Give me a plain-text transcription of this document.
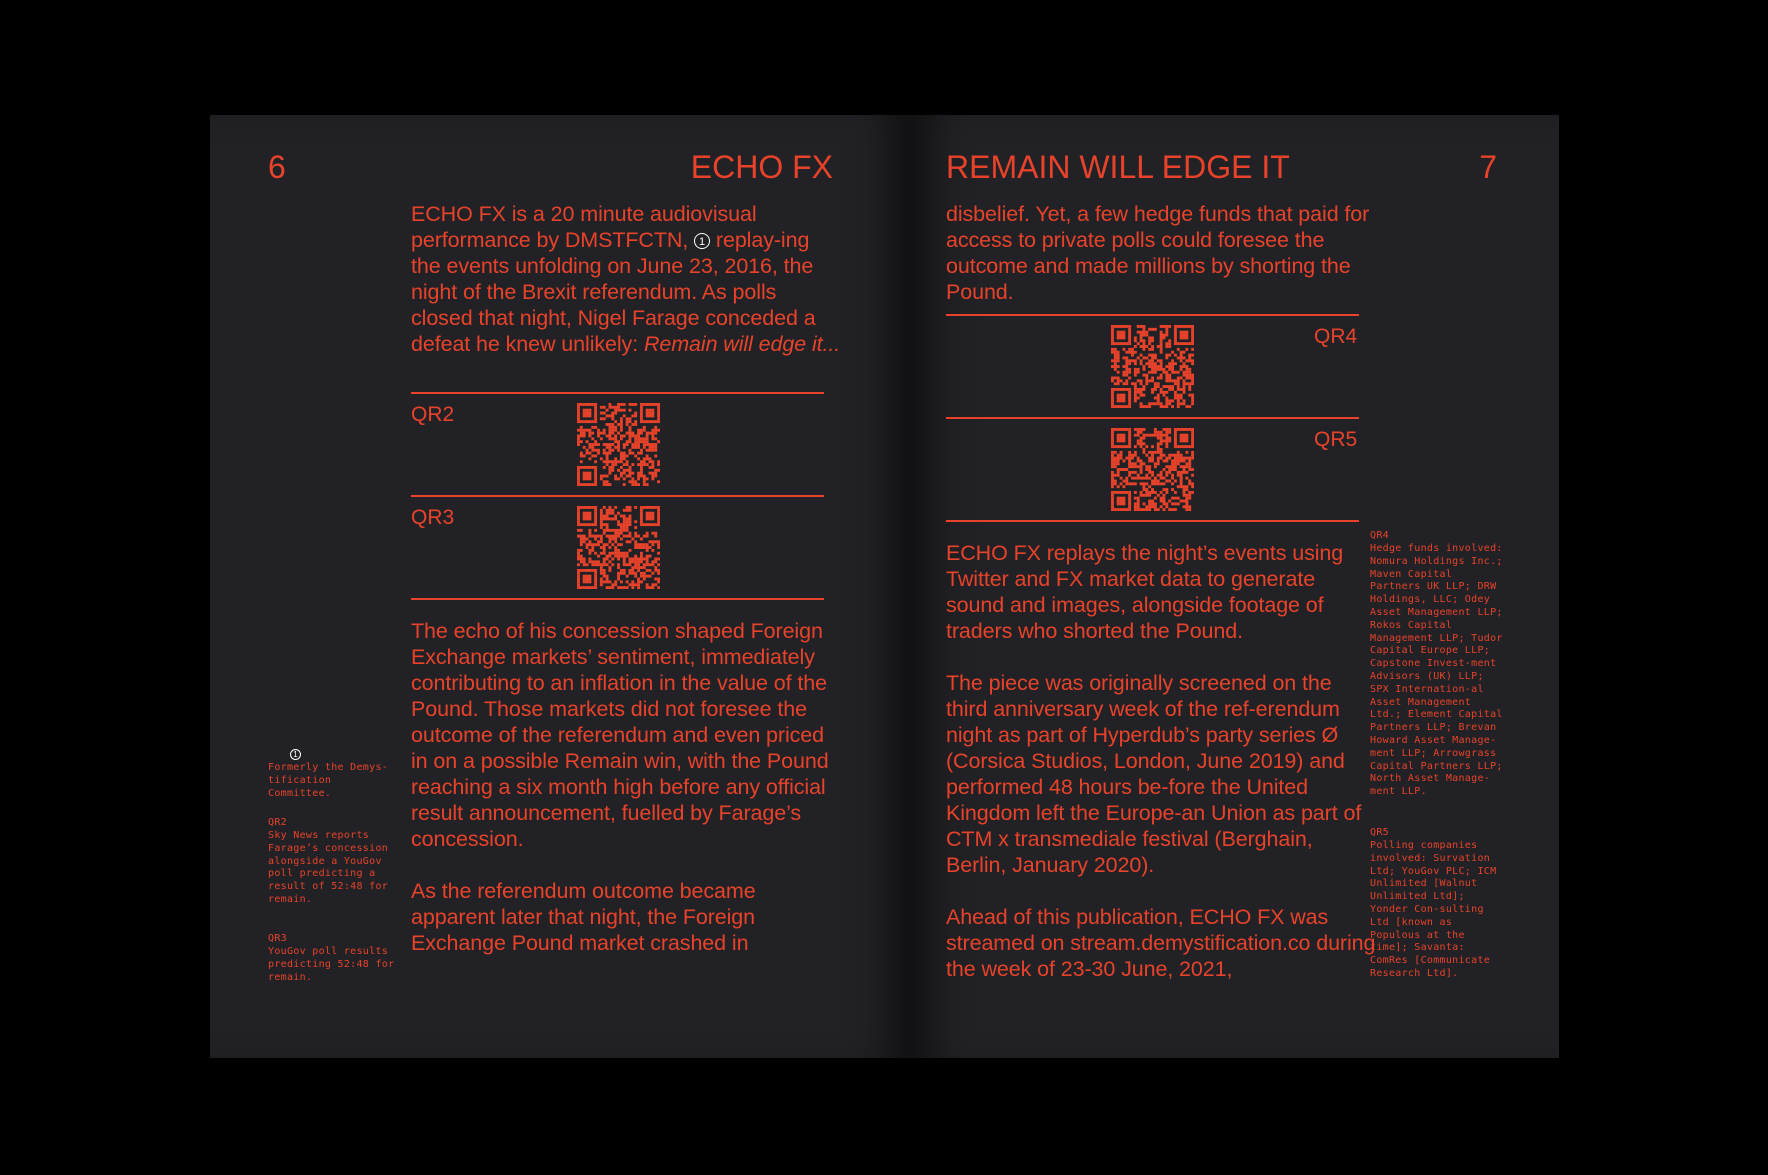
6	ECHO FX
ECHO FX is a 20 minute audiovisual performance by DMSTFCTN, 1 replay-ing the events unfolding on June 23, 2016, the night of the Brexit referendum. As polls closed that night, Nigel Farage conceded a defeat he knew unlikely: Remain will edge it...
QR2
QR3

The echo of his concession shaped Foreign Exchange markets’ sentiment, immediately contributing to an inflation in the value of the Pound. Those markets did not foresee the outcome of the referendum and even priced in on a possible Remain win, with the Pound reaching a six month high before any official result announcement, fuelled by Farage’s concession.

As the referendum outcome became apparent later that night, the Foreign Exchange Pound market crashed in

1

Formerly the Demys-tification Committee.

QR2

Sky News reports Farage’s concession alongside a YouGov poll predicting a result of 52:48 for remain.

QR3

YouGov poll results predicting 52:48 for remain.

REMAIN WILL EDGE IT	7
disbelief. Yet, a few hedge funds that paid for access to private polls could foresee the outcome and made millions by shorting the Pound.
QR4
QR5

ECHO FX replays the night’s events using Twitter and FX market data to generate sound and images, alongside footage of traders who shorted the Pound.

The piece was originally screened on the third anniversary week of the ref-erendum night as part of Hyperdub’s party series Ø (Corsica Studios, London, June 2019) and performed 48 hours be-fore the United Kingdom left the Europe-an Union as part of CTM x transmediale festival (Berghain, Berlin, January 2020).

Ahead of this publication, ECHO FX was streamed on stream.demystification.co during the week of 23-30 June, 2021,

QR4

Hedge funds involved: Nomura Holdings Inc.; Maven Capital Partners UK LLP; DRW Holdings, LLC; Odey Asset Management LLP; Rokos Capital Management LLP; Tudor Capital Europe LLP; Capstone Invest-ment Advisors (UK) LLP; SPX Internation-al Asset Management Ltd.; Element Capital Partners LLP; Brevan Howard Asset Manage-ment LLP; Arrowgrass Capital Partners LLP; North Asset Manage-ment LLP.

QR5

Polling companies involved: Survation Ltd; YouGov PLC; ICM Unlimited [Walnut Unlimited Ltd]; Yonder Con-sulting Ltd [known as Populous at the time]; Savanta: ComRes [Communicate Research Ltd].
